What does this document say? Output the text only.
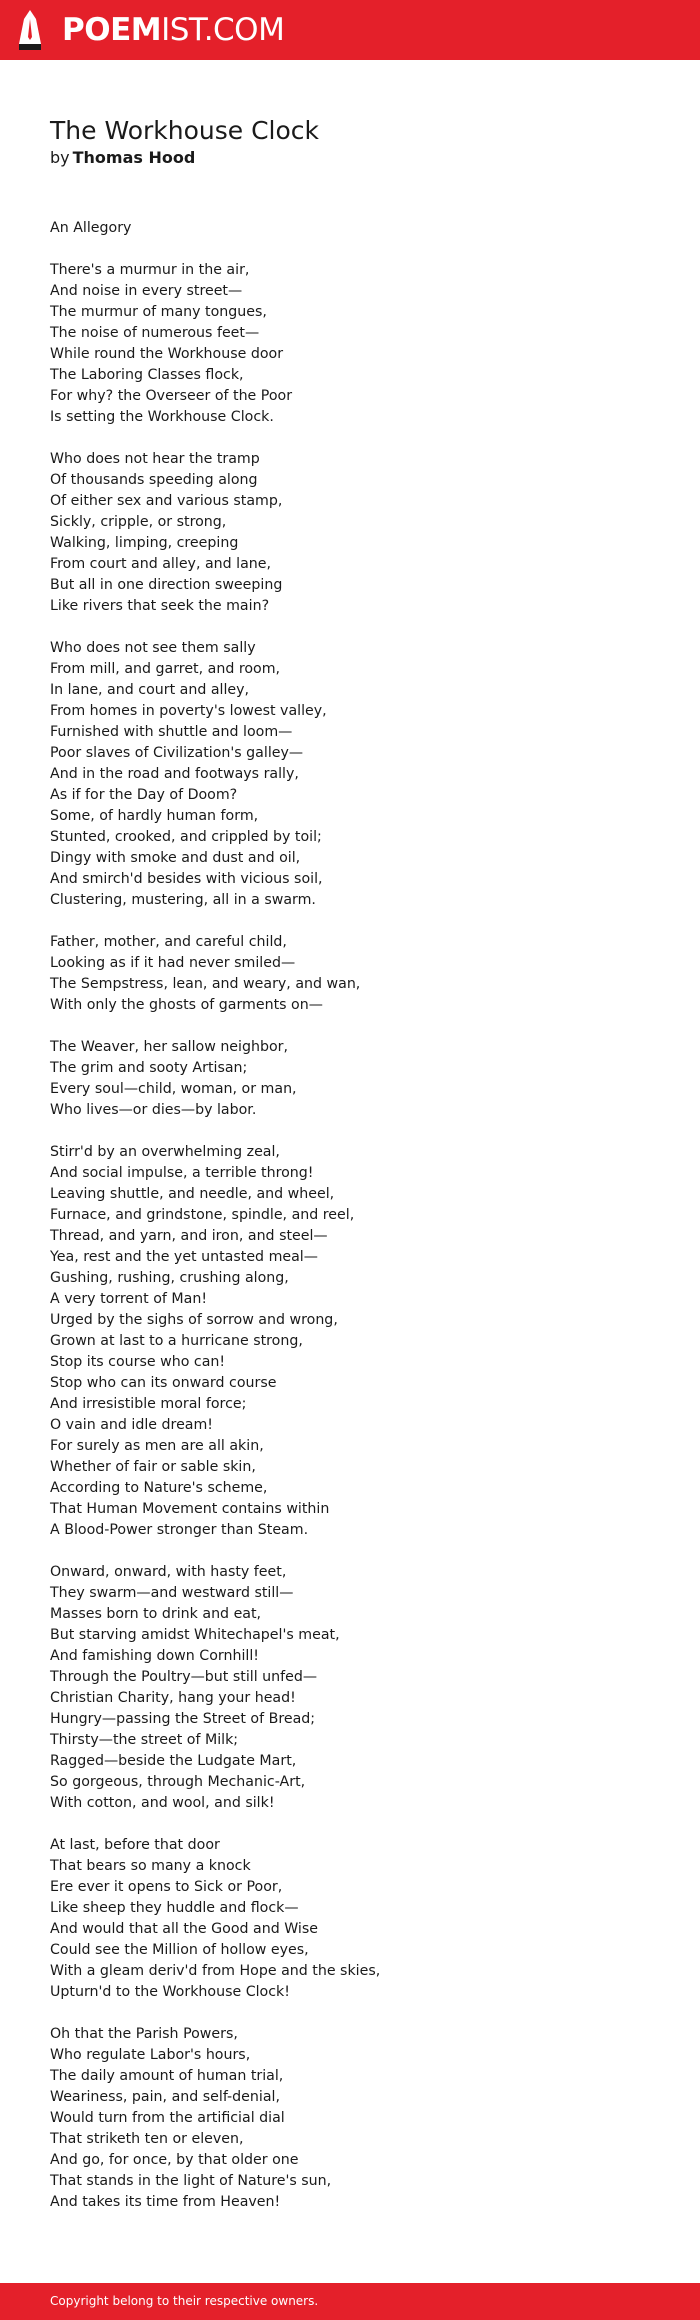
POEMIST.COM
The Workhouse Clock
by Thomas Hood
An Allegory
There's a murmur in the air,
And noise in every street—
The murmur of many tongues,
The noise of numerous feet—
While round the Workhouse door
The Laboring Classes flock,
For why? the Overseer of the Poor
Is setting the Workhouse Clock.
Who does not hear the tramp
Of thousands speeding along
Of either sex and various stamp,
Sickly, cripple, or strong,
Walking, limping, creeping
From court and alley, and lane,
But all in one direction sweeping
Like rivers that seek the main?
Who does not see them sally
From mill, and garret, and room,
In lane, and court and alley,
From homes in poverty's lowest valley,
Furnished with shuttle and loom—
Poor slaves of Civilization's galley—
And in the road and footways rally,
As if for the Day of Doom?
Some, of hardly human form,
Stunted, crooked, and crippled by toil;
Dingy with smoke and dust and oil,
And smirch'd besides with vicious soil,
Clustering, mustering, all in a swarm.
Father, mother, and careful child,
Looking as if it had never smiled—
The Sempstress, lean, and weary, and wan,
With only the ghosts of garments on—
The Weaver, her sallow neighbor,
The grim and sooty Artisan;
Every soul—child, woman, or man,
Who lives—or dies—by labor.
Stirr'd by an overwhelming zeal,
And social impulse, a terrible throng!
Leaving shuttle, and needle, and wheel,
Furnace, and grindstone, spindle, and reel,
Thread, and yarn, and iron, and steel—
Yea, rest and the yet untasted meal—
Gushing, rushing, crushing along,
A very torrent of Man!
Urged by the sighs of sorrow and wrong,
Grown at last to a hurricane strong,
Stop its course who can!
Stop who can its onward course
And irresistible moral force;
O vain and idle dream!
For surely as men are all akin,
Whether of fair or sable skin,
According to Nature's scheme,
That Human Movement contains within
A Blood-Power stronger than Steam.
Onward, onward, with hasty feet,
They swarm—and westward still—
Masses born to drink and eat,
But starving amidst Whitechapel's meat,
And famishing down Cornhill!
Through the Poultry—but still unfed—
Christian Charity, hang your head!
Hungry—passing the Street of Bread;
Thirsty—the street of Milk;
Ragged—beside the Ludgate Mart,
So gorgeous, through Mechanic-Art,
With cotton, and wool, and silk!
At last, before that door
That bears so many a knock
Ere ever it opens to Sick or Poor,
Like sheep they huddle and flock—
And would that all the Good and Wise
Could see the Million of hollow eyes,
With a gleam deriv'd from Hope and the skies,
Upturn'd to the Workhouse Clock!
Oh that the Parish Powers,
Who regulate Labor's hours,
The daily amount of human trial,
Weariness, pain, and self-denial,
Would turn from the artificial dial
That striketh ten or eleven,
And go, for once, by that older one
That stands in the light of Nature's sun,
And takes its time from Heaven!
Copyright belong to their respective owners.
